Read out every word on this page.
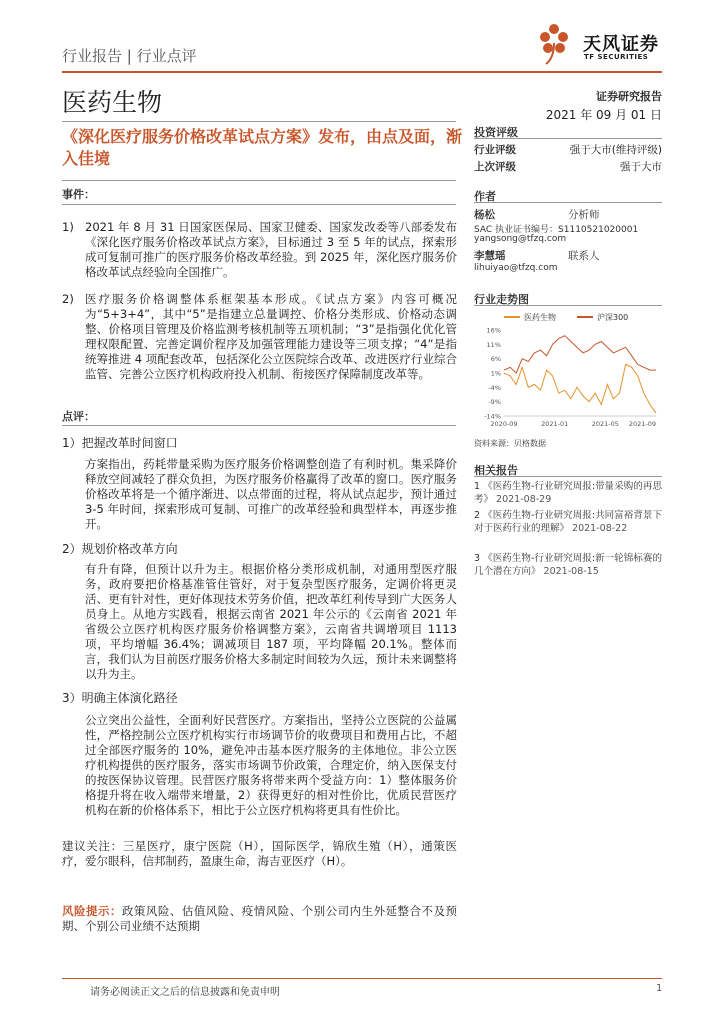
行业报告 | 行业点评
天风证券
TF SECURITIES
医药生物	证券研究报告
2021 年 09 月 01 日
《深化医疗服务价格改革试点方案》发布，由点及面，渐入佳境
事件：
1) 2021 年 8 月 31 日国家医保局、国家卫健委、国家发改委等八部委发布《深化医疗服务价格改革试点方案》，目标通过 3 至 5 年的试点，探索形成可复制可推广的医疗服务价格改革经验。到 2025 年，深化医疗服务价格改革试点经验向全国推广。
2) 医疗服务价格调整体系框架基本形成。《试点方案》内容可概况为“5+3+4”，其中“5”是指建立总量调控、价格分类形成、价格动态调整、价格项目管理及价格监测考核机制等五项机制；“3”是指强化优化管理权限配置、完善定调价程序及加强管理能力建设等三项支撑；“4”是指统筹推进 4 项配套改革，包括深化公立医院综合改革、改进医疗行业综合监管、完善公立医疗机构政府投入机制、衔接医疗保障制度改革等。
点评：
1）把握改革时间窗口
方案指出，药耗带量采购为医疗服务价格调整创造了有利时机。集采降价释放空间减轻了群众负担，为医疗服务价格赢得了改革的窗口。医疗服务价格改革将是一个循序渐进、以点带面的过程，将从试点起步，预计通过 3-5 年时间，探索形成可复制、可推广的改革经验和典型样本，再逐步推开。
2）规划价格改革方向
有升有降，但预计以升为主。根据价格分类形成机制，对通用型医疗服务，政府要把价格基准管住管好，对于复杂型医疗服务，定调价将更灵活、更有针对性，更好体现技术劳务价值，把改革红利传导到广大医务人员身上。从地方实践看，根据云南省 2021 年公示的《云南省 2021 年省级公立医疗机构医疗服务价格调整方案》，云南省共调增项目 1113 项，平均增幅 36.4%；调减项目 187 项，平均降幅 20.1%。整体而言，我们认为目前医疗服务价格大多制定时间较为久远，预计未来调整将以升为主。
3）明确主体演化路径
公立突出公益性，全面利好民营医疗。方案指出，坚持公立医院的公益属性，严格控制公立医疗机构实行市场调节价的收费项目和费用占比，不超过全部医疗服务的 10%，避免冲击基本医疗服务的主体地位。非公立医疗机构提供的医疗服务，落实市场调节价政策，合理定价，纳入医保支付的按医保协议管理。民营医疗服务将带来两个受益方向：1）整体服务价格提升将在收入端带来增量，2）获得更好的相对性价比，优质民营医疗机构在新的价格体系下，相比于公立医疗机构将更具有性价比。
建议关注：三星医疗，康宁医院（H），国际医学，锦欣生殖（H），通策医疗，爱尔眼科，信邦制药，盈康生命，海吉亚医疗（H）。
风险提示：政策风险、估值风险、疫情风险、个别公司内生外延整合不及预期、个别公司业绩不达预期
投资评级
行业评级	强于大市(维持评级)
上次评级	强于大市
作者
杨松	分析师
SAC 执业证书编号：S1110521020001
yangsong@tfzq.com
李慧瑶	联系人
lihuiyao@tfzq.com
行业走势图
医药生物	沪深300
16%
11%
6%
1%
-4%
-9%
-14%
2020-09	2021-01	2021-05 2021-09
资料来源：贝格数据
相关报告
1 《医药生物-行业研究周报:带量采购的再思考》 2021-08-29
2 《医药生物-行业研究周报:共同富裕背景下对于医药行业的理解》 2021-08-22
3 《医药生物-行业研究周报:新一轮锦标赛的几个潜在方向》 2021-08-15
请务必阅读正文之后的信息披露和免责申明	1
